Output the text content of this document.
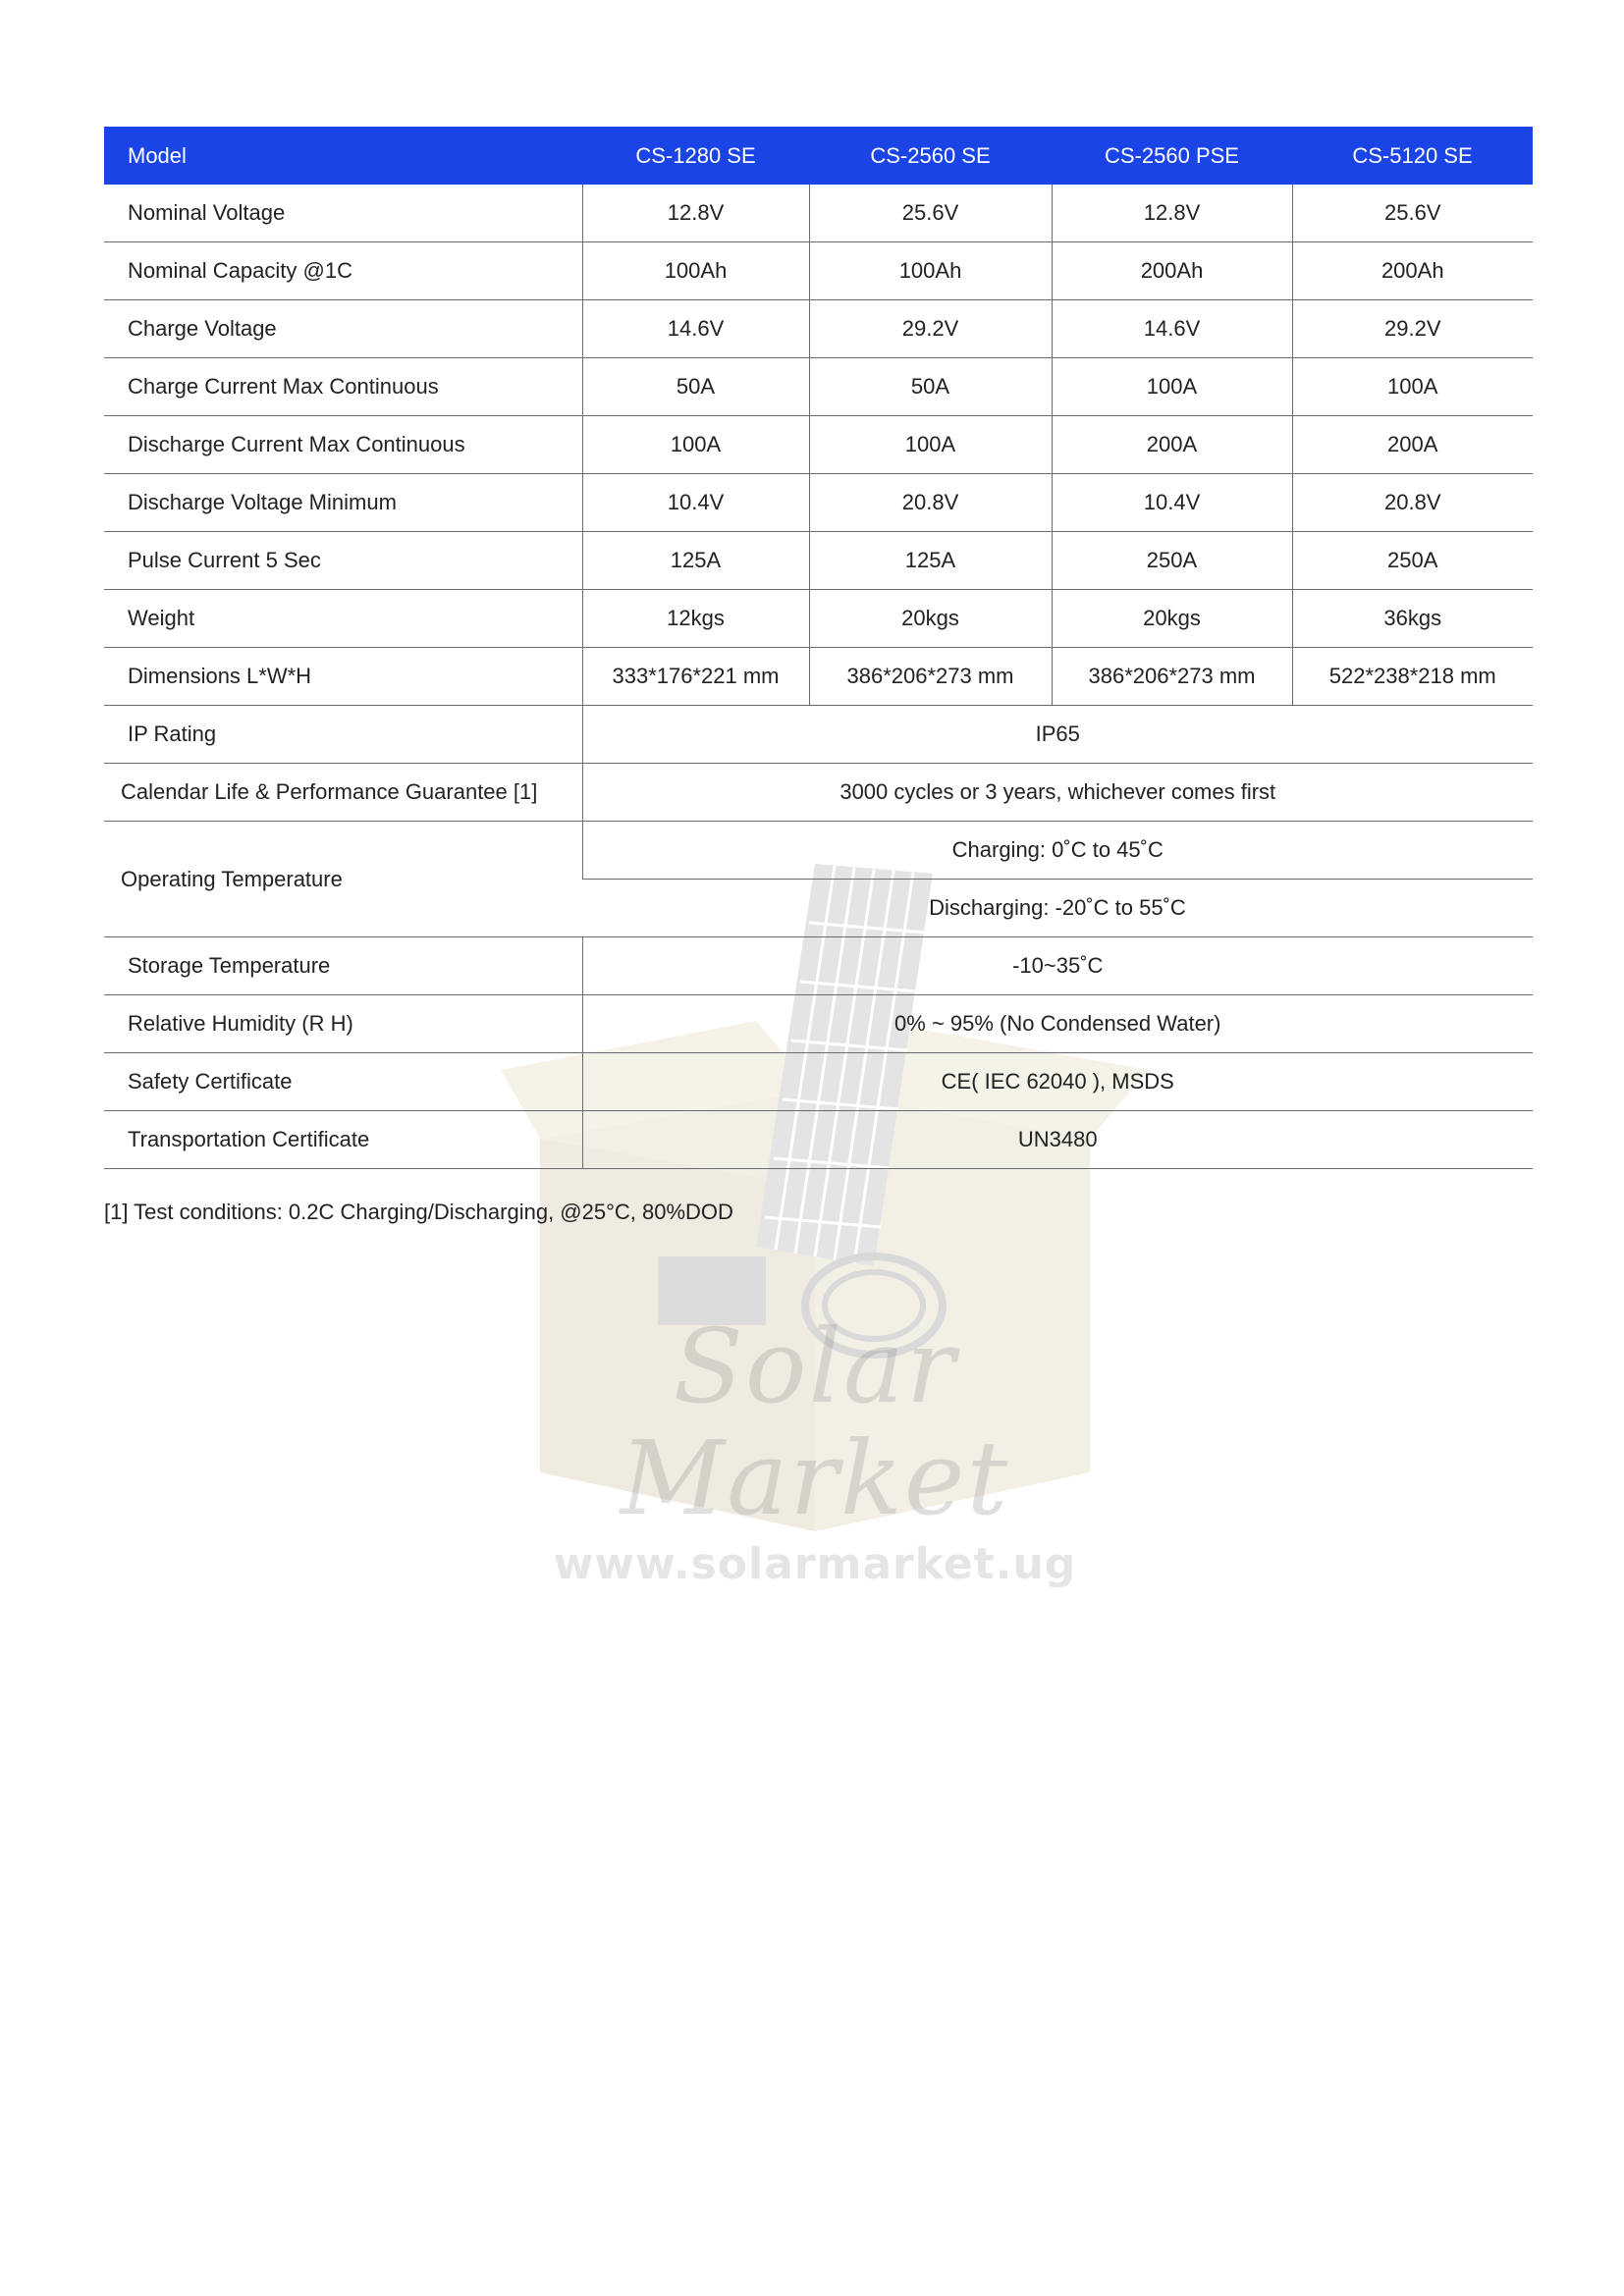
Solar Market
www.solarmarket.ug
Model	CS-1280 SE	CS-2560 SE	CS-2560 PSE	CS-5120 SE
Nominal Voltage	12.8V	25.6V	12.8V	25.6V
Nominal Capacity @1C	100Ah	100Ah	200Ah	200Ah
Charge Voltage	14.6V	29.2V	14.6V	29.2V
Charge Current Max Continuous	50A	50A	100A	100A
Discharge Current Max Continuous	100A	100A	200A	200A
Discharge Voltage Minimum	10.4V	20.8V	10.4V	20.8V
Pulse Current 5 Sec	125A	125A	250A	250A
Weight	12kgs	20kgs	20kgs	36kgs
Dimensions L*W*H	333*176*221 mm	386*206*273 mm	386*206*273 mm	522*238*218 mm
IP Rating	IP65			
Calendar Life & Performance Guarantee [1]	3000 cycles or 3 years, whichever comes first			
Operating Temperature	Charging: 0˚C to 45˚C			
	Discharging: -20˚C to 55˚C			
Storage Temperature	-10~35˚C			
Relative Humidity (R H)	0% ~ 95% (No Condensed Water)			
Safety Certificate	CE( IEC 62040 ), MSDS			
Transportation Certificate	UN3480			
[1] Test conditions: 0.2C Charging/Discharging, @25°C, 80%DOD
